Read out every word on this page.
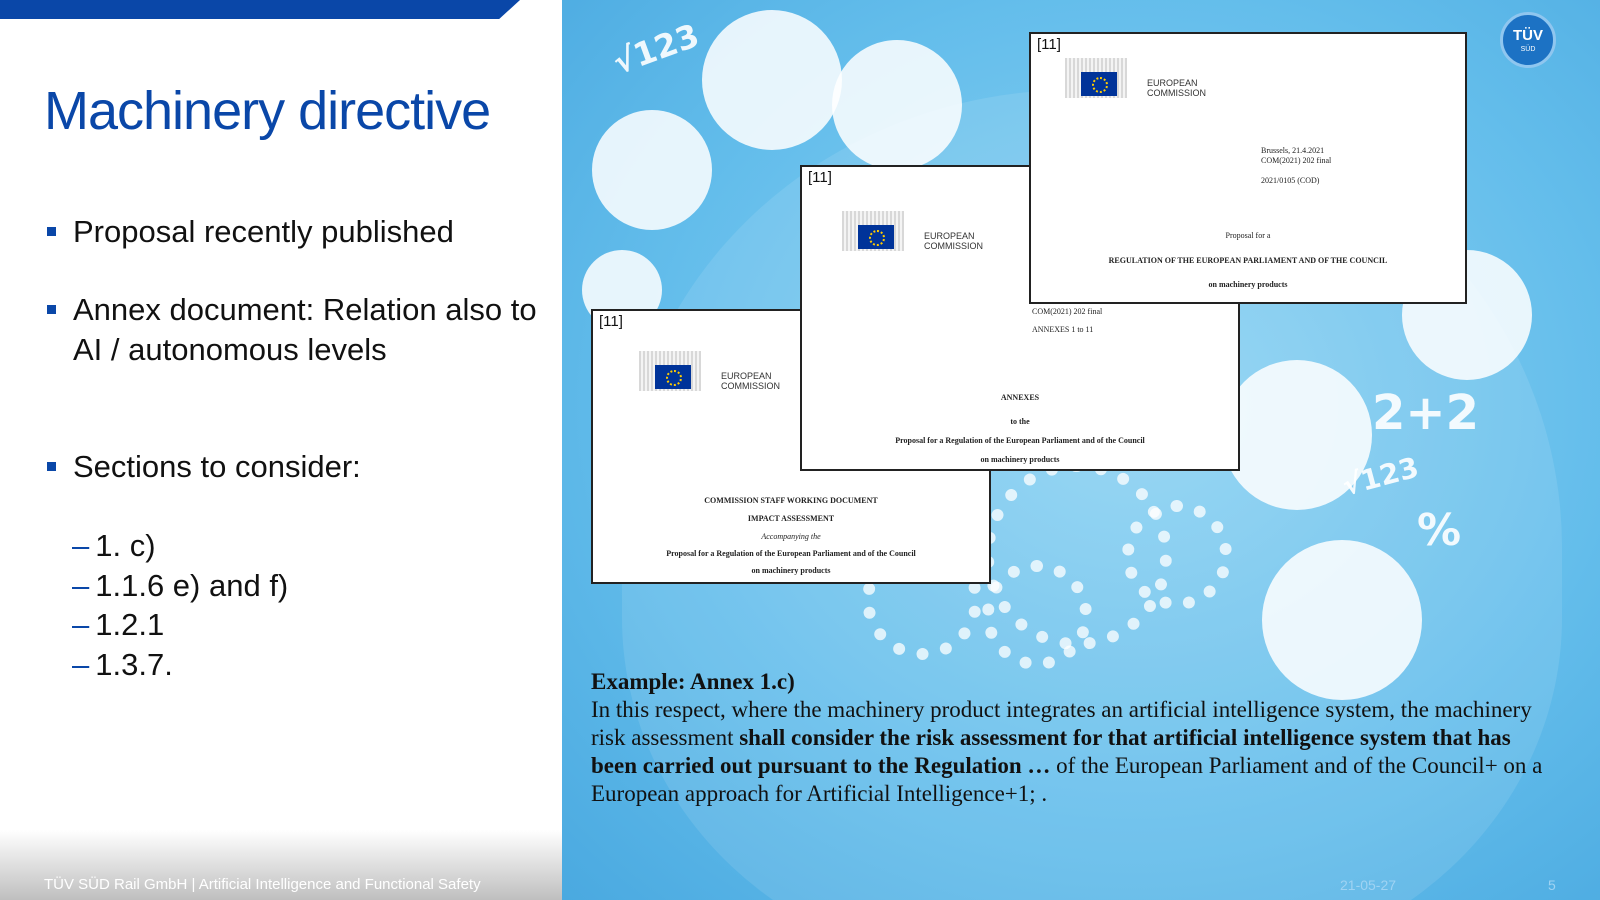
Machinery directive
Proposal recently published
Annex document: Relation also to AI / autonomous levels
Sections to consider:
– 1. c)
– 1.1.6 e) and f)
– 1.2.1
– 1.3.7.
TÜV SÜD Rail GmbH | Artificial Intelligence and Functional Safety
√123
√123
2+2
%
TÜV
SÜD
[11]
EUROPEAN COMMISSION
COMMISSION STAFF WORKING DOCUMENT
IMPACT ASSESSMENT
Accompanying the
Proposal for a Regulation of the European Parliament and of the Council
on machinery products
[11]
EUROPEAN COMMISSION
COM(2021) 202 final
ANNEXES 1 to 11
ANNEXES
to the
Proposal for a Regulation of the European Parliament and of the Council
on machinery products
[11]
EUROPEAN COMMISSION
Brussels, 21.4.2021
COM(2021) 202 final
2021/0105 (COD)
Proposal for a
REGULATION OF THE EUROPEAN PARLIAMENT AND OF THE COUNCIL
on machinery products
Example: Annex 1.c)
In this respect, where the machinery product integrates an artificial intelligence system, the machinery risk assessment shall consider the risk assessment for that artificial intelligence system that has been carried out pursuant to the Regulation … of the European Parliament and of the Council+ on a European approach for Artificial Intelligence+1; .
21-05-27	5
